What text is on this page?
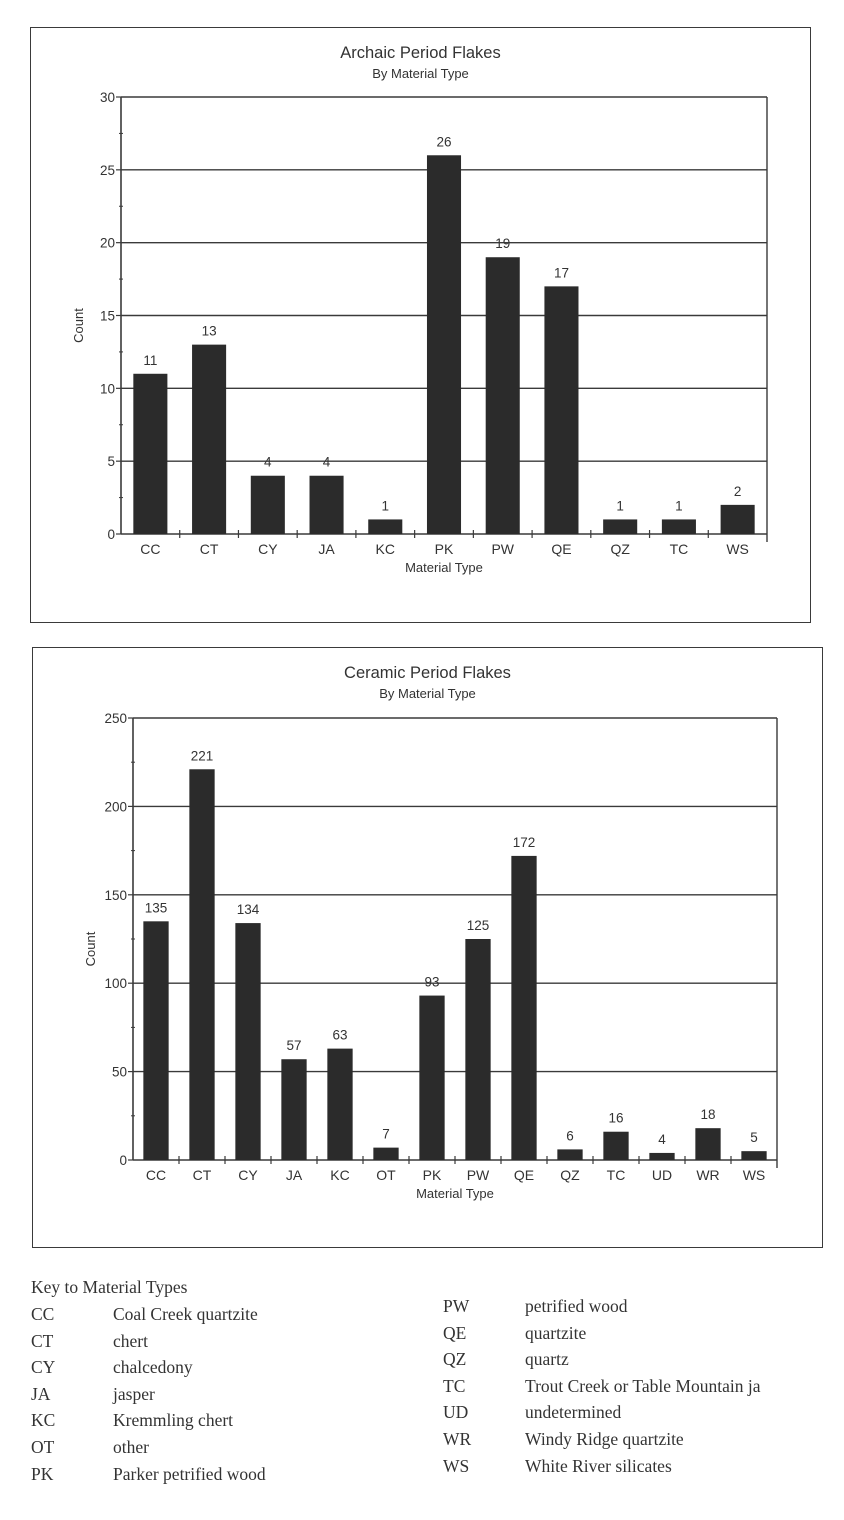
Archaic Period Flakes
By Material Type
0
5
10
15
20
25
30
11
CC
13
CT
4
CY
4
JA
1
KC
26
PK
19
PW
17
QE
1
QZ
1
TC
2
WS
Material Type
Count
Ceramic Period Flakes
By Material Type
0
50
100
150
200
250
135
CC
221
CT
134
CY
57
JA
63
KC
7
OT
93
PK
125
PW
172
QE
6
QZ
16
TC
4
UD
18
WR
5
WS
Material Type
Count
Key to Material Types
CC	Coal Creek quartzite
CT	chert
CY	chalcedony
JA	jasper
KC	Kremmling chert
OT	other
PK	Parker petrified wood
PW	petrified wood
QE	quartzite
QZ	quartz
TC	Trout Creek or Table Mountain ja
UD	undetermined
WR	Windy Ridge quartzite
WS	White River silicates
